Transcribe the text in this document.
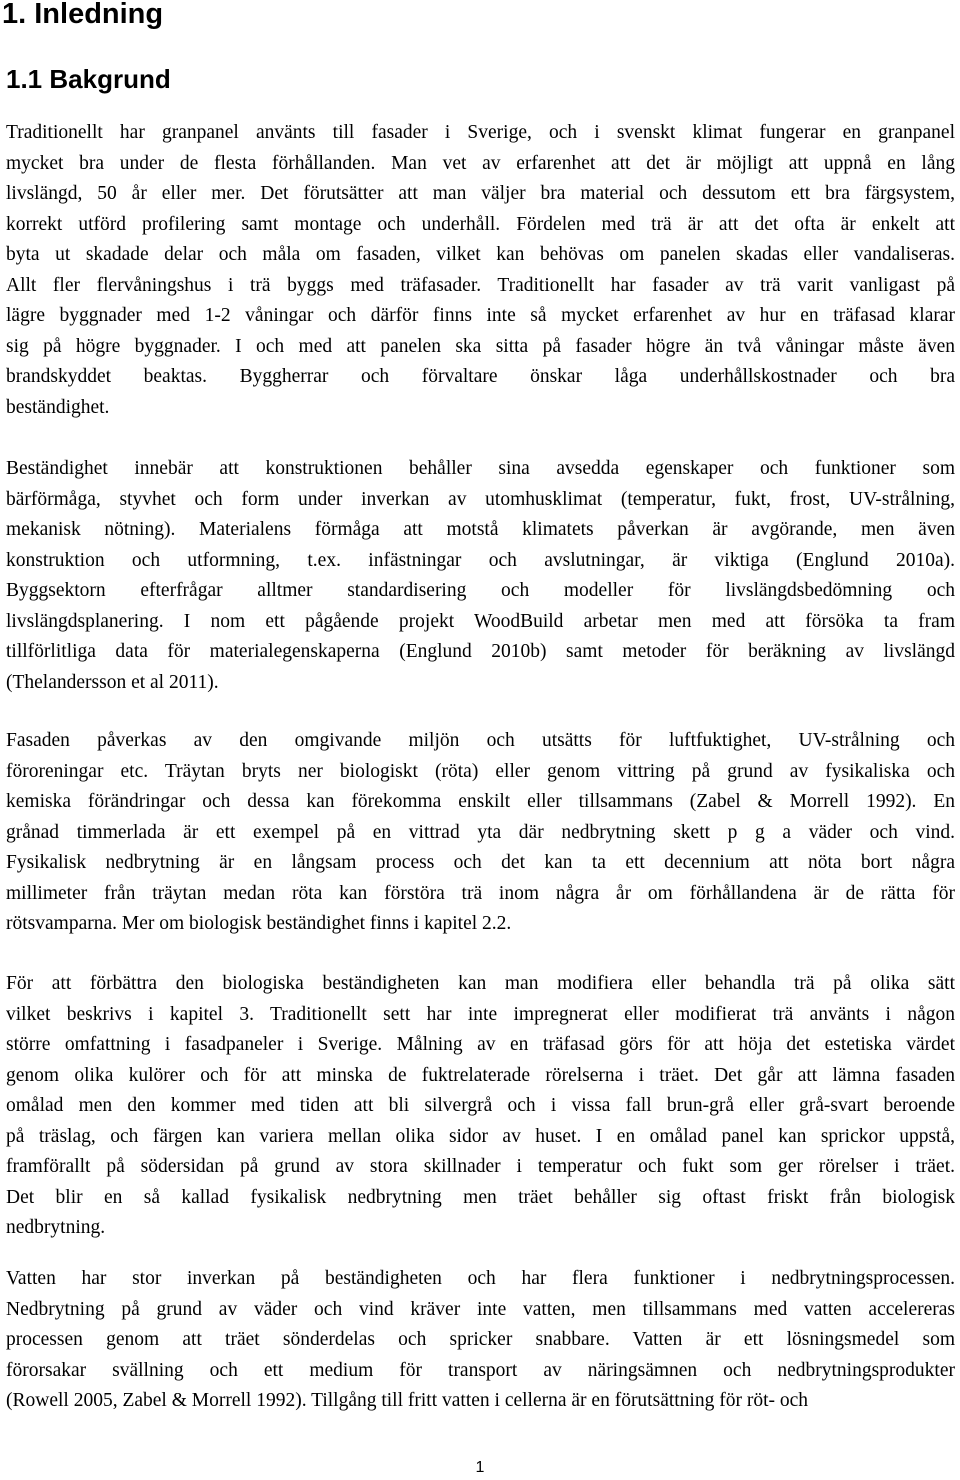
1. Inledning
1.1 Bakgrund
Traditionellt har granpanel använts till fasader i Sverige, och i svenskt klimat fungerar en granpanel
mycket bra under de flesta förhållanden. Man vet av erfarenhet att det är möjligt att uppnå en lång
livslängd, 50 år eller mer. Det förutsätter att man väljer bra material och dessutom ett bra färgsystem,
korrekt utförd profilering samt montage och underhåll. Fördelen med trä är att det ofta är enkelt att
byta ut skadade delar och måla om fasaden, vilket kan behövas om panelen skadas eller vandaliseras.
Allt fler flervåningshus i trä byggs med träfasader. Traditionellt har fasader av trä varit vanligast på
lägre byggnader med 1-2 våningar och därför finns inte så mycket erfarenhet av hur en träfasad klarar
sig på högre byggnader. I och med att panelen ska sitta på fasader högre än två våningar måste även
brandskyddet beaktas. Byggherrar och förvaltare önskar låga underhållskostnader och bra
beständighet.
Beständighet innebär att konstruktionen behåller sina avsedda egenskaper och funktioner som
bärförmåga, styvhet och form under inverkan av utomhusklimat (temperatur, fukt, frost, UV-strålning,
mekanisk nötning). Materialens förmåga att motstå klimatets påverkan är avgörande, men även
konstruktion och utformning, t.ex. infästningar och avslutningar, är viktiga (Englund 2010a).
Byggsektorn efterfrågar alltmer standardisering och modeller för livslängdsbedömning och
livslängdsplanering. I nom ett pågående projekt WoodBuild arbetar men med att försöka ta fram
tillförlitliga data för materialegenskaperna (Englund 2010b) samt metoder för beräkning av livslängd
(Thelandersson et al 2011).
Fasaden påverkas av den omgivande miljön och utsätts för luftfuktighet, UV-strålning och
föroreningar etc. Träytan bryts ner biologiskt (röta) eller genom vittring på grund av fysikaliska och
kemiska förändringar och dessa kan förekomma enskilt eller tillsammans (Zabel & Morrell 1992). En
grånad timmerlada är ett exempel på en vittrad yta där nedbrytning skett p g a väder och vind.
Fysikalisk nedbrytning är en långsam process och det kan ta ett decennium att nöta bort några
millimeter från träytan medan röta kan förstöra trä inom några år om förhållandena är de rätta för
rötsvamparna. Mer om biologisk beständighet finns i kapitel 2.2.
För att förbättra den biologiska beständigheten kan man modifiera eller behandla trä på olika sätt
vilket beskrivs i kapitel 3. Traditionellt sett har inte impregnerat eller modifierat trä använts i någon
större omfattning i fasadpaneler i Sverige. Målning av en träfasad görs för att höja det estetiska värdet
genom olika kulörer och för att minska de fuktrelaterade rörelserna i träet. Det går att lämna fasaden
omålad men den kommer med tiden att bli silvergrå och i vissa fall brun-grå eller grå-svart beroende
på träslag, och färgen kan variera mellan olika sidor av huset. I en omålad panel kan sprickor uppstå,
framförallt på södersidan på grund av stora skillnader i temperatur och fukt som ger rörelser i träet.
Det blir en så kallad fysikalisk nedbrytning men träet behåller sig oftast friskt från biologisk
nedbrytning.
Vatten har stor inverkan på beständigheten och har flera funktioner i nedbrytningsprocessen.
Nedbrytning på grund av väder och vind kräver inte vatten, men tillsammans med vatten accelereras
processen genom att träet sönderdelas och spricker snabbare. Vatten är ett lösningsmedel som
förorsakar svällning och ett medium för transport av näringsämnen och nedbrytningsprodukter
(Rowell 2005, Zabel & Morrell 1992). Tillgång till fritt vatten i cellerna är en förutsättning för röt- och
1
